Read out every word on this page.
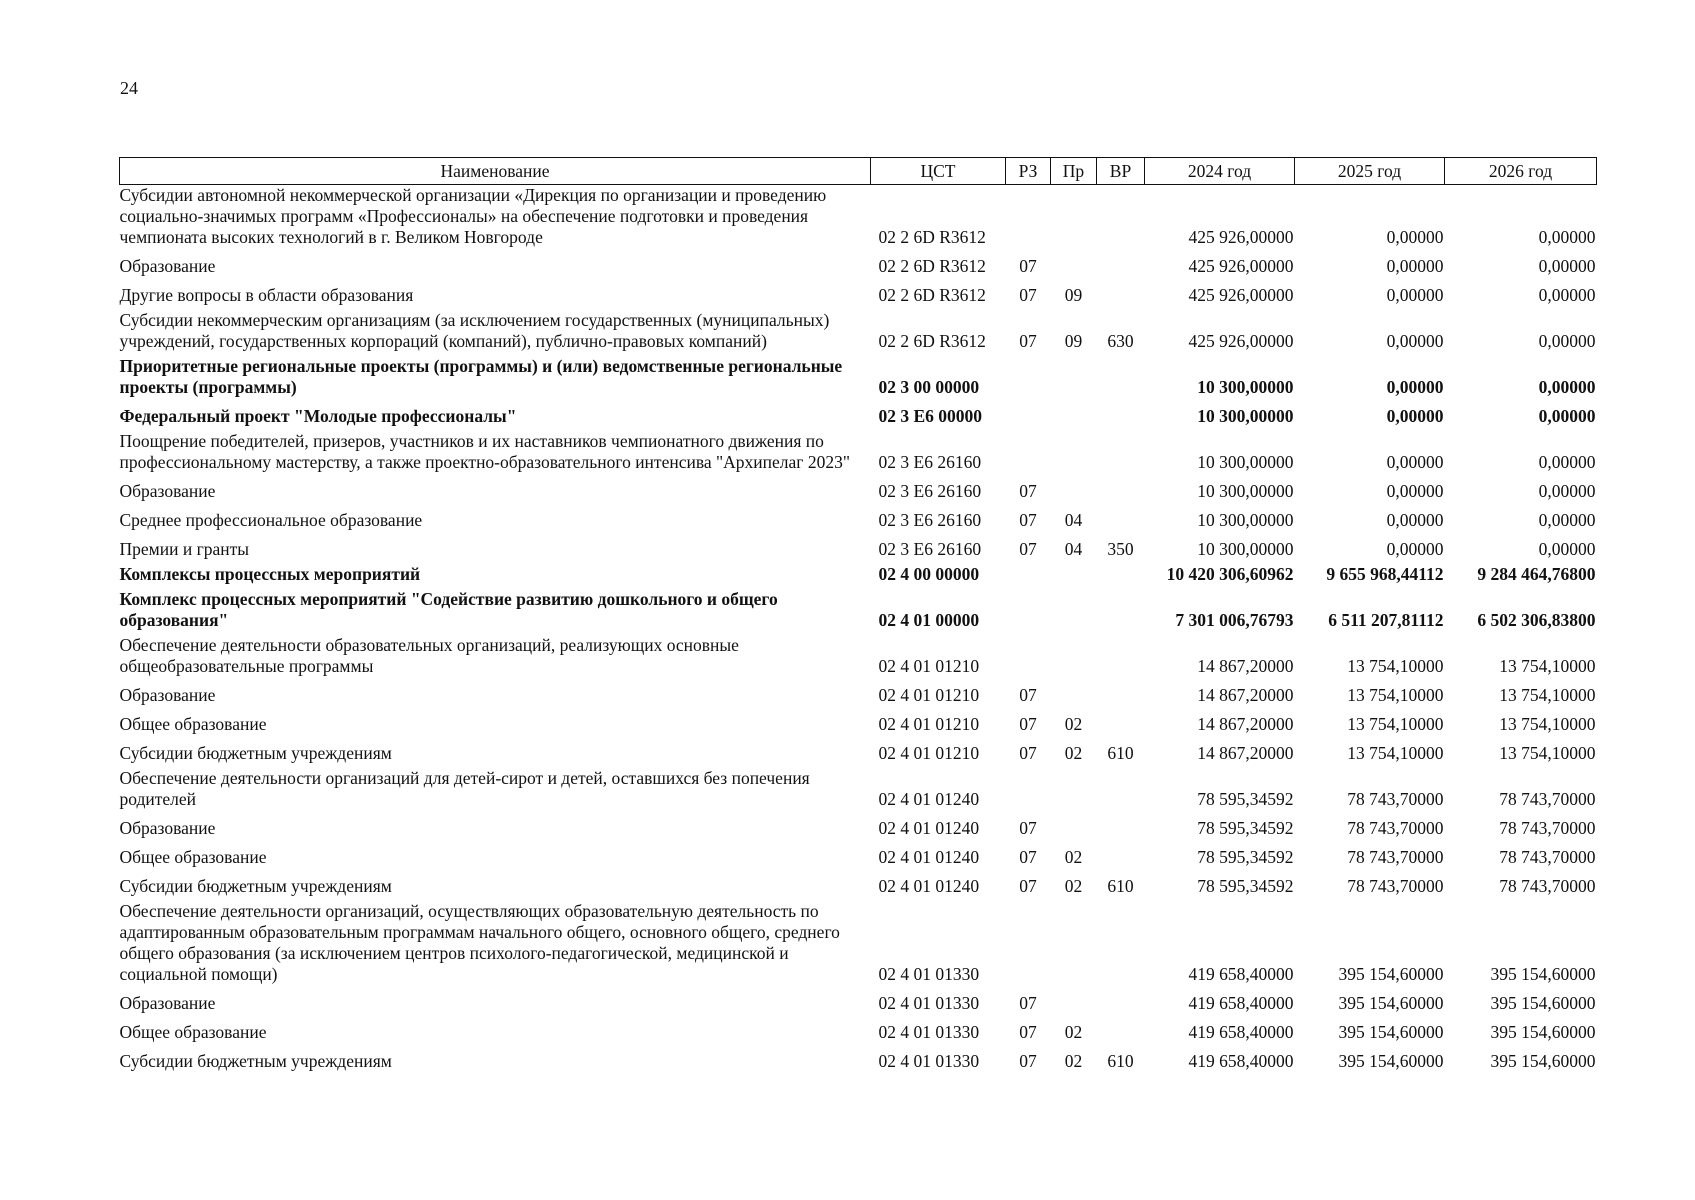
24
Наименование	ЦСТ	РЗ	Пр	ВР	2024 год	2025 год	2026 год
Субсидии автономной некоммерческой организации «Дирекция по организации и проведению социально-значимых программ «Профессионалы» на обеспечение подготовки и проведения чемпионата высоких технологий в г. Великом Новгороде	02 2 6D R3612				425 926,00000	0,00000	0,00000
Образование	02 2 6D R3612	07			425 926,00000	0,00000	0,00000
Другие вопросы в области образования	02 2 6D R3612	07	09		425 926,00000	0,00000	0,00000
Субсидии некоммерческим организациям (за исключением государственных (муниципальных) учреждений, государственных корпораций (компаний), публично-правовых компаний)	02 2 6D R3612	07	09	630	425 926,00000	0,00000	0,00000
Приоритетные региональные проекты (программы) и (или) ведомственные региональные проекты (программы)	02 3 00 00000				10 300,00000	0,00000	0,00000
Федеральный проект "Молодые профессионалы"	02 3 E6 00000				10 300,00000	0,00000	0,00000
Поощрение победителей, призеров, участников и их наставников чемпионатного движения по профессиональному мастерству, а также проектно-образовательного интенсива "Архипелаг 2023"	02 3 E6 26160				10 300,00000	0,00000	0,00000
Образование	02 3 E6 26160	07			10 300,00000	0,00000	0,00000
Среднее профессиональное образование	02 3 E6 26160	07	04		10 300,00000	0,00000	0,00000
Премии и гранты	02 3 E6 26160	07	04	350	10 300,00000	0,00000	0,00000
Комплексы процессных мероприятий	02 4 00 00000				10 420 306,60962	9 655 968,44112	9 284 464,76800
Комплекс процессных мероприятий "Содействие развитию дошкольного и общего образования"	02 4 01 00000				7 301 006,76793	6 511 207,81112	6 502 306,83800
Обеспечение деятельности образовательных организаций, реализующих основные общеобразовательные программы	02 4 01 01210				14 867,20000	13 754,10000	13 754,10000
Образование	02 4 01 01210	07			14 867,20000	13 754,10000	13 754,10000
Общее образование	02 4 01 01210	07	02		14 867,20000	13 754,10000	13 754,10000
Субсидии бюджетным учреждениям	02 4 01 01210	07	02	610	14 867,20000	13 754,10000	13 754,10000
Обеспечение деятельности организаций для детей-сирот и детей, оставшихся без попечения родителей	02 4 01 01240				78 595,34592	78 743,70000	78 743,70000
Образование	02 4 01 01240	07			78 595,34592	78 743,70000	78 743,70000
Общее образование	02 4 01 01240	07	02		78 595,34592	78 743,70000	78 743,70000
Субсидии бюджетным учреждениям	02 4 01 01240	07	02	610	78 595,34592	78 743,70000	78 743,70000
Обеспечение деятельности организаций, осуществляющих образовательную деятельность по адаптированным образовательным программам начального общего, основного общего, среднего общего образования (за исключением центров психолого-педагогической, медицинской и социальной помощи)	02 4 01 01330				419 658,40000	395 154,60000	395 154,60000
Образование	02 4 01 01330	07			419 658,40000	395 154,60000	395 154,60000
Общее образование	02 4 01 01330	07	02		419 658,40000	395 154,60000	395 154,60000
Субсидии бюджетным учреждениям	02 4 01 01330	07	02	610	419 658,40000	395 154,60000	395 154,60000
